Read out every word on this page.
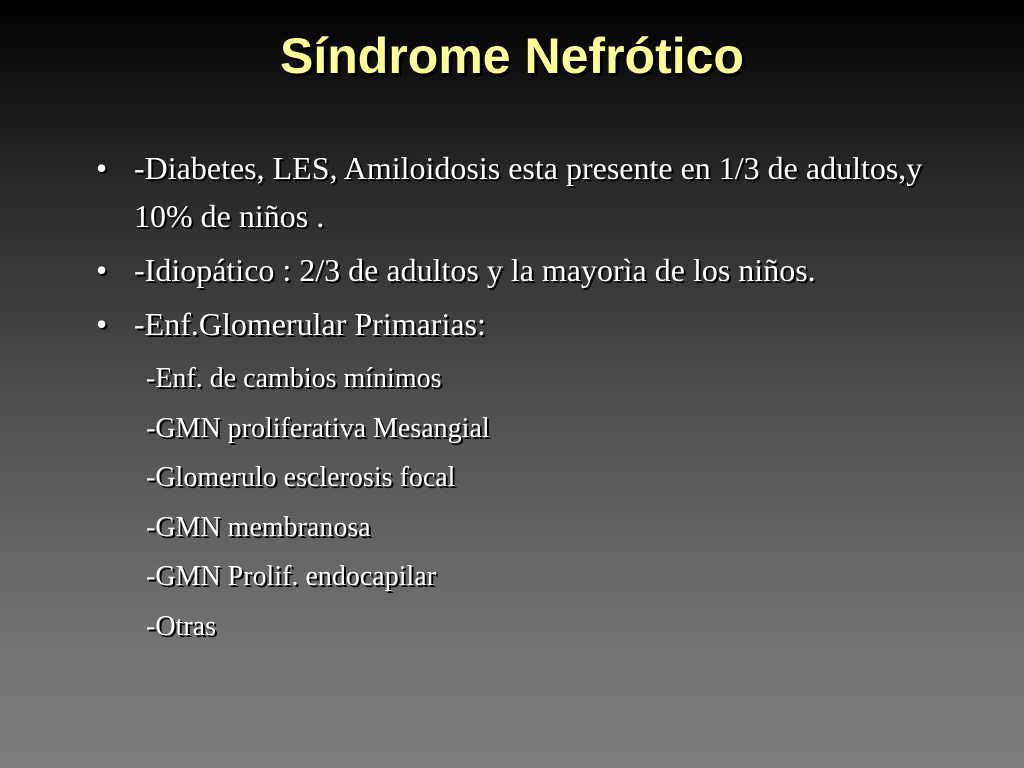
Síndrome Nefrótico
• -Diabetes, LES, Amiloidosis esta presente en 1/3 de adultos,y 10% de niños .
• -Idiopático : 2/3 de adultos y la mayorìa de los niños.
• -Enf.Glomerular Primarias:
-Enf. de cambios mínimos
-GMN proliferativa Mesangial
-Glomerulo esclerosis focal
-GMN membranosa
-GMN Prolif. endocapilar
-Otras
